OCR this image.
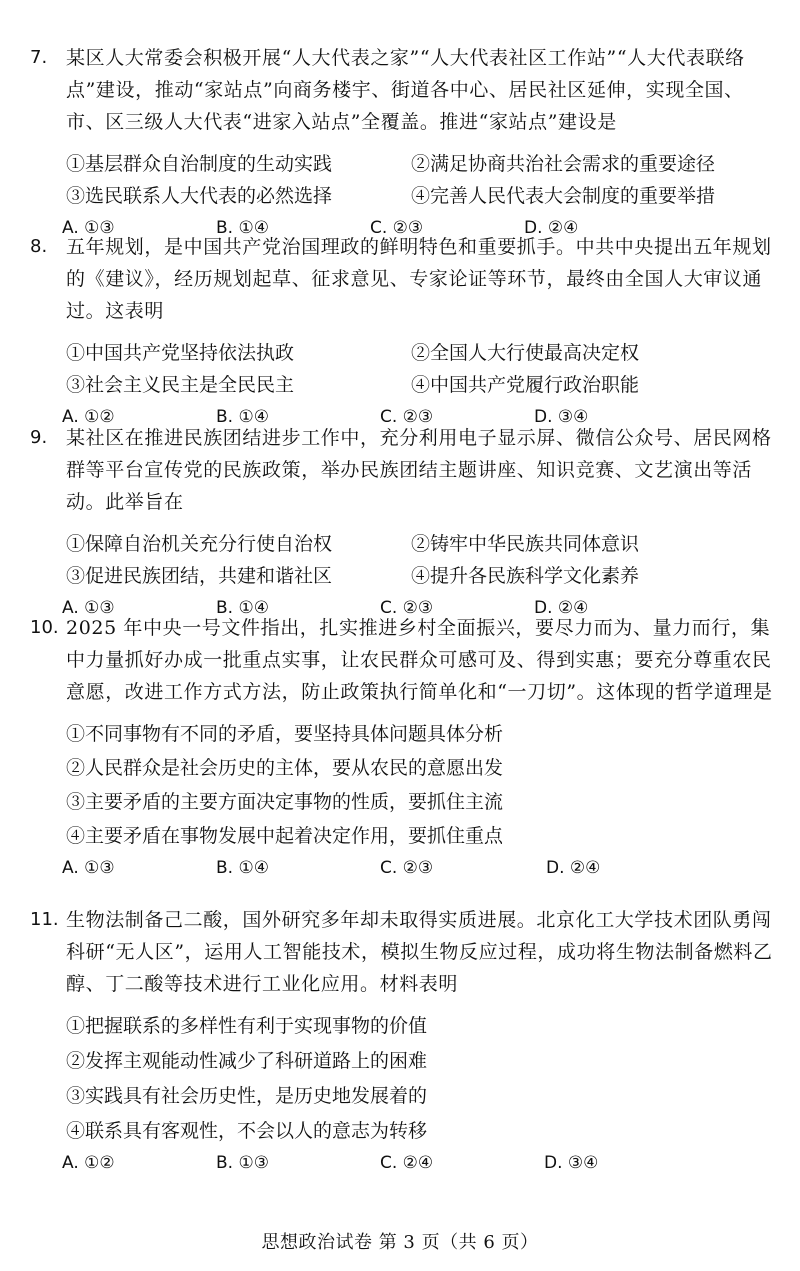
7. 某区人大常委会积极开展“人大代表之家”“人大代表社区工作站”“人大代表联络点”建设，推动“家站点”向商务楼宇、街道各中心、居民社区延伸，实现全国、市、区三级人大代表“进家入站点”全覆盖。推进“家站点”建设是
①基层群众自治制度的生动实践	②满足协商共治社会需求的重要途径
③选民联系人大代表的必然选择	④完善人民代表大会制度的重要举措
A. ①③	B. ①④	C. ②③	D. ②④
8. 五年规划，是中国共产党治国理政的鲜明特色和重要抓手。中共中央提出五年规划的《建议》，经历规划起草、征求意见、专家论证等环节，最终由全国人大审议通过。这表明
①中国共产党坚持依法执政	②全国人大行使最高决定权
③社会主义民主是全民民主	④中国共产党履行政治职能
A. ①②	B. ①④	C. ②③	D. ③④
9. 某社区在推进民族团结进步工作中，充分利用电子显示屏、微信公众号、居民网格群等平台宣传党的民族政策，举办民族团结主题讲座、知识竞赛、文艺演出等活动。此举旨在
①保障自治机关充分行使自治权	②铸牢中华民族共同体意识
③促进民族团结，共建和谐社区	④提升各民族科学文化素养
A. ①③	B. ①④	C. ②③	D. ②④
10. 2025 年中央一号文件指出，扎实推进乡村全面振兴，要尽力而为、量力而行，集中力量抓好办成一批重点实事，让农民群众可感可及、得到实惠；要充分尊重农民意愿，改进工作方式方法，防止政策执行简单化和“一刀切”。这体现的哲学道理是
①不同事物有不同的矛盾，要坚持具体问题具体分析
②人民群众是社会历史的主体，要从农民的意愿出发
③主要矛盾的主要方面决定事物的性质，要抓住主流
④主要矛盾在事物发展中起着决定作用，要抓住重点
A. ①③	B. ①④	C. ②③	D. ②④
11. 生物法制备己二酸，国外研究多年却未取得实质进展。北京化工大学技术团队勇闯科研“无人区”，运用人工智能技术，模拟生物反应过程，成功将生物法制备燃料乙醇、丁二酸等技术进行工业化应用。材料表明
①把握联系的多样性有利于实现事物的价值
②发挥主观能动性减少了科研道路上的困难
③实践具有社会历史性，是历史地发展着的
④联系具有客观性，不会以人的意志为转移
A. ①②	B. ①③	C. ②④	D. ③④
思想政治试卷 第 3 页（共 6 页）
